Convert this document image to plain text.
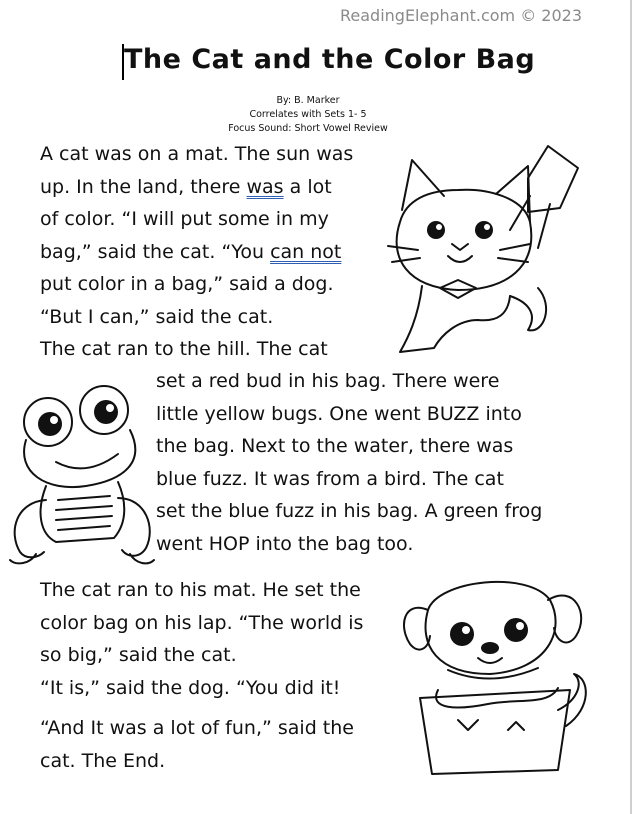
ReadingElephant.com © 2023
The Cat and the Color Bag
By: B. Marker
Correlates with Sets 1- 5
Focus Sound: Short Vowel Review
A cat was on a mat. The sun was
up. In the land, there was a lot
of color. “I will put some in my
bag,” said the cat. “You can not
put color in a bag,” said a dog.
“But I can,” said the cat.
The cat ran to the hill. The cat
set a red bud in his bag. There were
little yellow bugs. One went BUZZ into
the bag. Next to the water, there was
blue fuzz. It was from a bird. The cat
set the blue fuzz in his bag. A green frog
went HOP into the bag too.
The cat ran to his mat. He set the
color bag on his lap. “The world is
so big,” said the cat.
“It is,” said the dog. “You did it!
“And It was a lot of fun,” said the
cat. The End.
